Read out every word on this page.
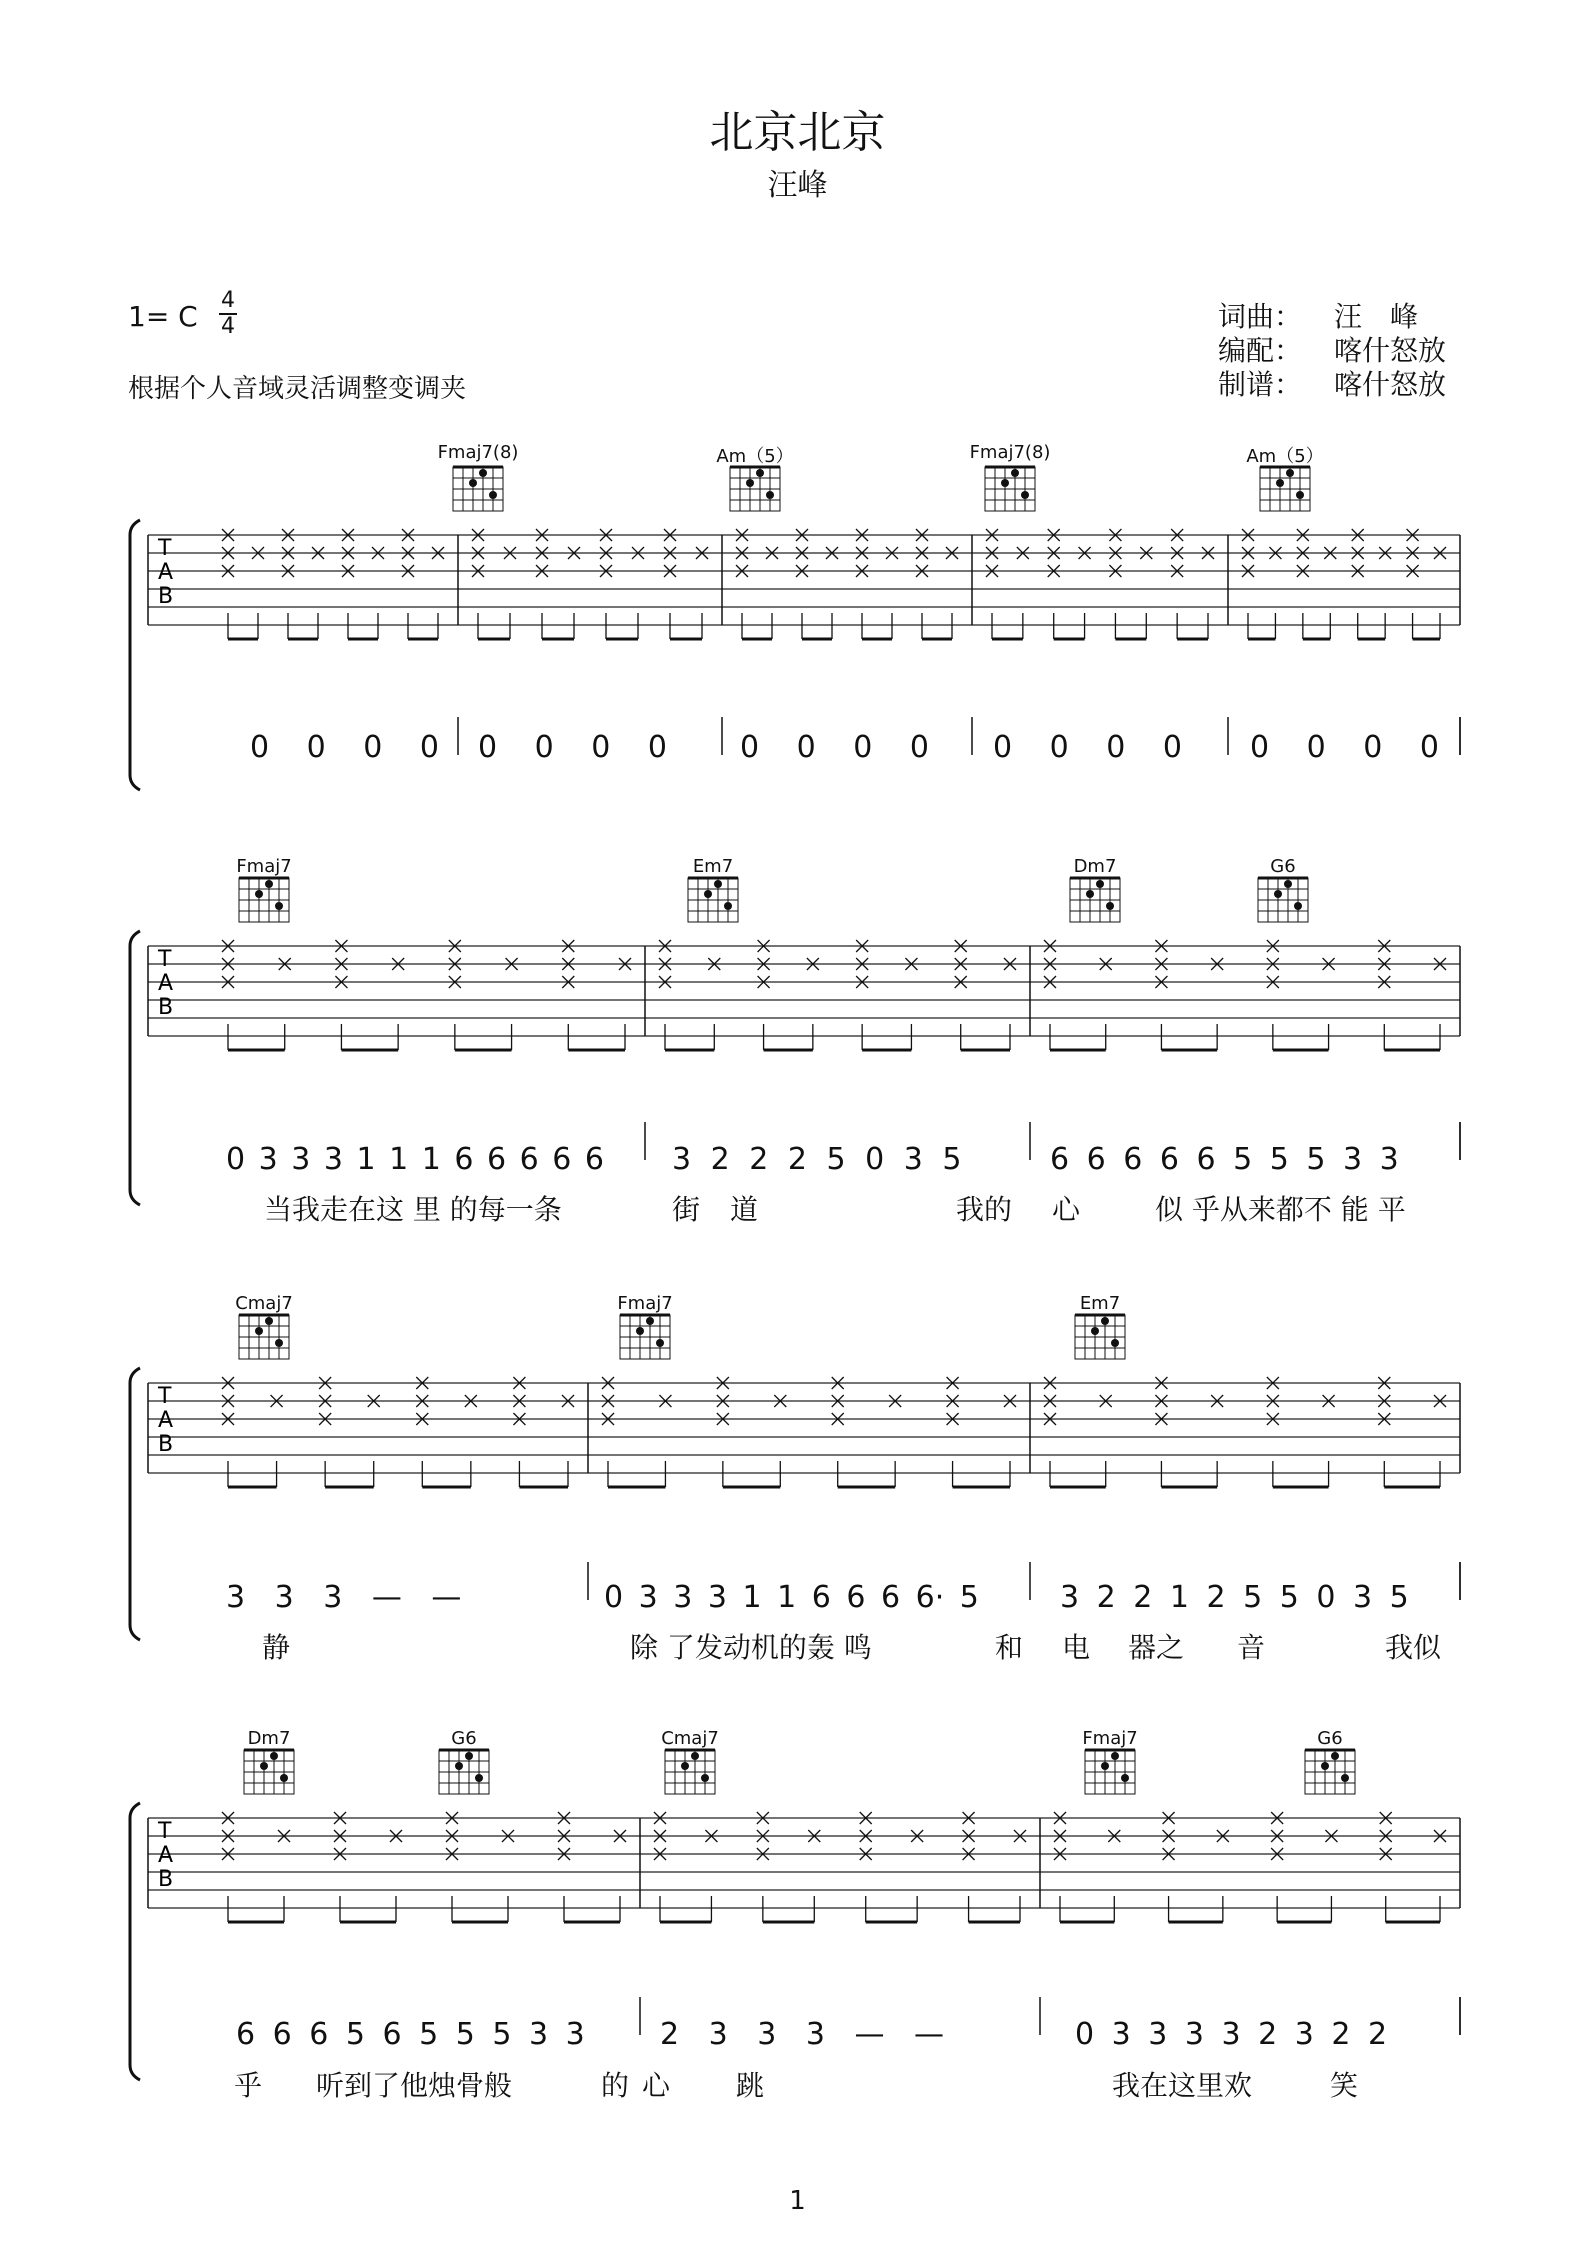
北京北京
汪峰
1= C 4
4
根据个人音域灵活调整变调夹
词曲： 汪　峰
编配： 喀什怒放
制谱： 喀什怒放
T
A
B
T
A
B
T
A
B
T
A
B
Fmaj7(8)	Am（5）	Fmaj7(8)	Am（5）
Fmaj7	Em7	Dm7	G6
Cmaj7	Fmaj7	Em7
Dm7	G6	Cmaj7	Fmaj7	G6
0 0 0 0 0 0 0 0 0 0 0 0 0 0 0 0 0 0 0 0
0 3 3 3 1 1 1 6 6 6 6 6 3 2 2 2 5 0 3 5	6 6 6 6 6 5 5 5 3 3
当我走在这 里 的每一条	街 道	我的 心	似 乎从来都不 能 平
3 3 3 — —	0 3 3 3 1 1 6 6 6 6· 5	3 2 2 1 2 5 5 0 3 5
静	除 了发动机的轰 鸣	和 电 器之 音	我似
6 6 6 5 6 5 5 5 3 3	2 3 3 3 — —	0 3 3 3 3 2 3 2 2
乎 听到了他烛骨般	的 心 跳	我在这里欢	笑
1
